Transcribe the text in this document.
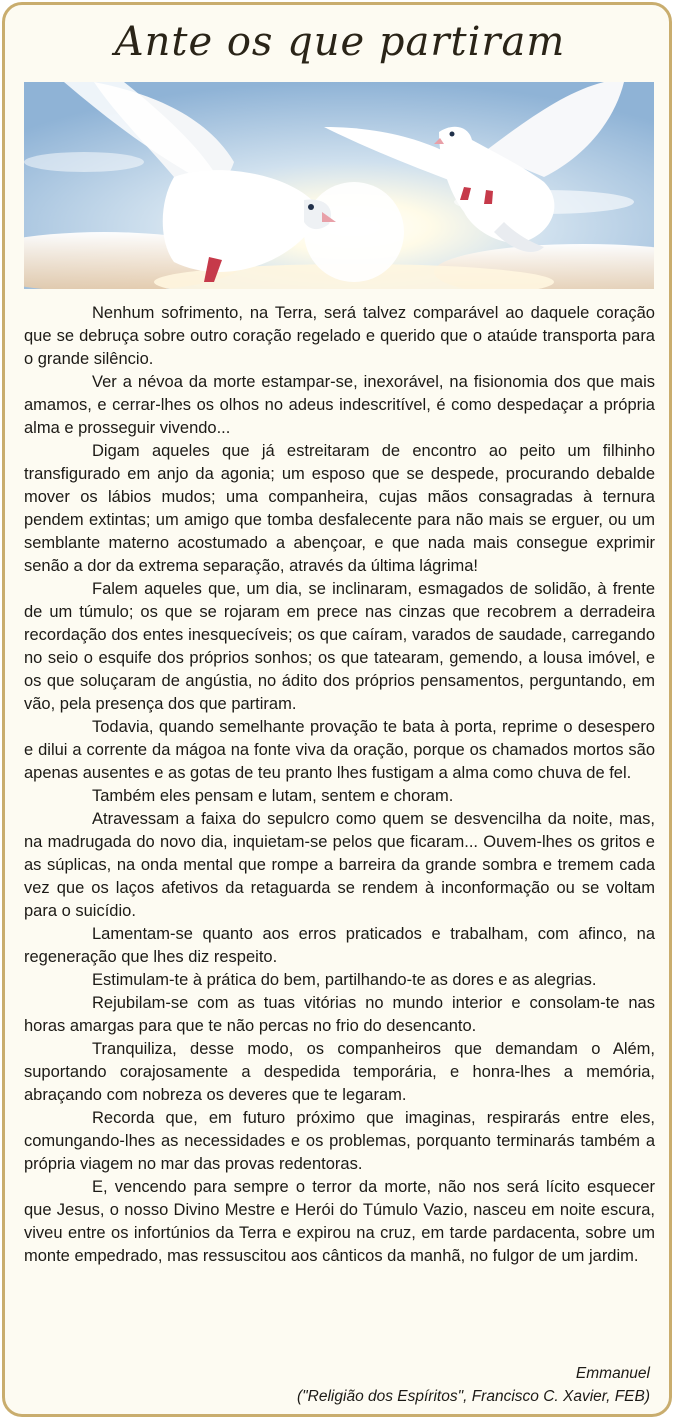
Ante os que partiram

Nenhum sofrimento, na Terra, será talvez comparável ao daquele coração que se debruça sobre outro coração regelado e querido que o ataúde transporta para o grande silêncio.

Ver a névoa da morte estampar-se, inexorável, na fisionomia dos que mais amamos, e cerrar-lhes os olhos no adeus indescritível, é como despedaçar a própria alma e prosseguir vivendo...

Digam aqueles que já estreitaram de encontro ao peito um filhinho transfigurado em anjo da agonia; um esposo que se despede, procurando debalde mover os lábios mudos; uma companheira, cujas mãos consagradas à ternura pendem extintas; um amigo que tomba desfalecente para não mais se erguer, ou um semblante materno acostumado a abençoar, e que nada mais consegue exprimir senão a dor da extrema separação, através da última lágrima!

Falem aqueles que, um dia, se inclinaram, esmagados de solidão, à frente de um túmulo; os que se rojaram em prece nas cinzas que recobrem a derradeira recordação dos entes inesquecíveis; os que caíram, varados de saudade, carregando no seio o esquife dos próprios sonhos; os que tatearam, gemendo, a lousa imóvel, e os que soluçaram de angústia, no ádito dos próprios pensamentos, perguntando, em vão, pela presença dos que partiram.

Todavia, quando semelhante provação te bata à porta, reprime o desespero e dilui a corrente da mágoa na fonte viva da oração, porque os chamados mortos são apenas ausentes e as gotas de teu pranto lhes fustigam a alma como chuva de fel.

Também eles pensam e lutam, sentem e choram.

Atravessam a faixa do sepulcro como quem se desvencilha da noite, mas, na madrugada do novo dia, inquietam-se pelos que ficaram... Ouvem-lhes os gritos e as súplicas, na onda mental que rompe a barreira da grande sombra e tremem cada vez que os laços afetivos da retaguarda se rendem à inconformação ou se voltam para o suicídio.

Lamentam-se quanto aos erros praticados e trabalham, com afinco, na regeneração que lhes diz respeito.

Estimulam-te à prática do bem, partilhando-te as dores e as alegrias.

Rejubilam-se com as tuas vitórias no mundo interior e consolam-te nas horas amargas para que te não percas no frio do desencanto.

Tranquiliza, desse modo, os companheiros que demandam o Além, suportando corajosamente a despedida temporária, e honra-lhes a memória, abraçando com nobreza os deveres que te legaram.

Recorda que, em futuro próximo que imaginas, respirarás entre eles, comungando-lhes as necessidades e os problemas, porquanto terminarás também a própria viagem no mar das provas redentoras.

E, vencendo para sempre o terror da morte, não nos será lícito esquecer que Jesus, o nosso Divino Mestre e Herói do Túmulo Vazio, nasceu em noite escura, viveu entre os infortúnios da Terra e expirou na cruz, em tarde pardacenta, sobre um monte empedrado, mas ressuscitou aos cânticos da manhã, no fulgor de um jardim.

Emmanuel
("Religião dos Espíritos", Francisco C. Xavier, FEB)
